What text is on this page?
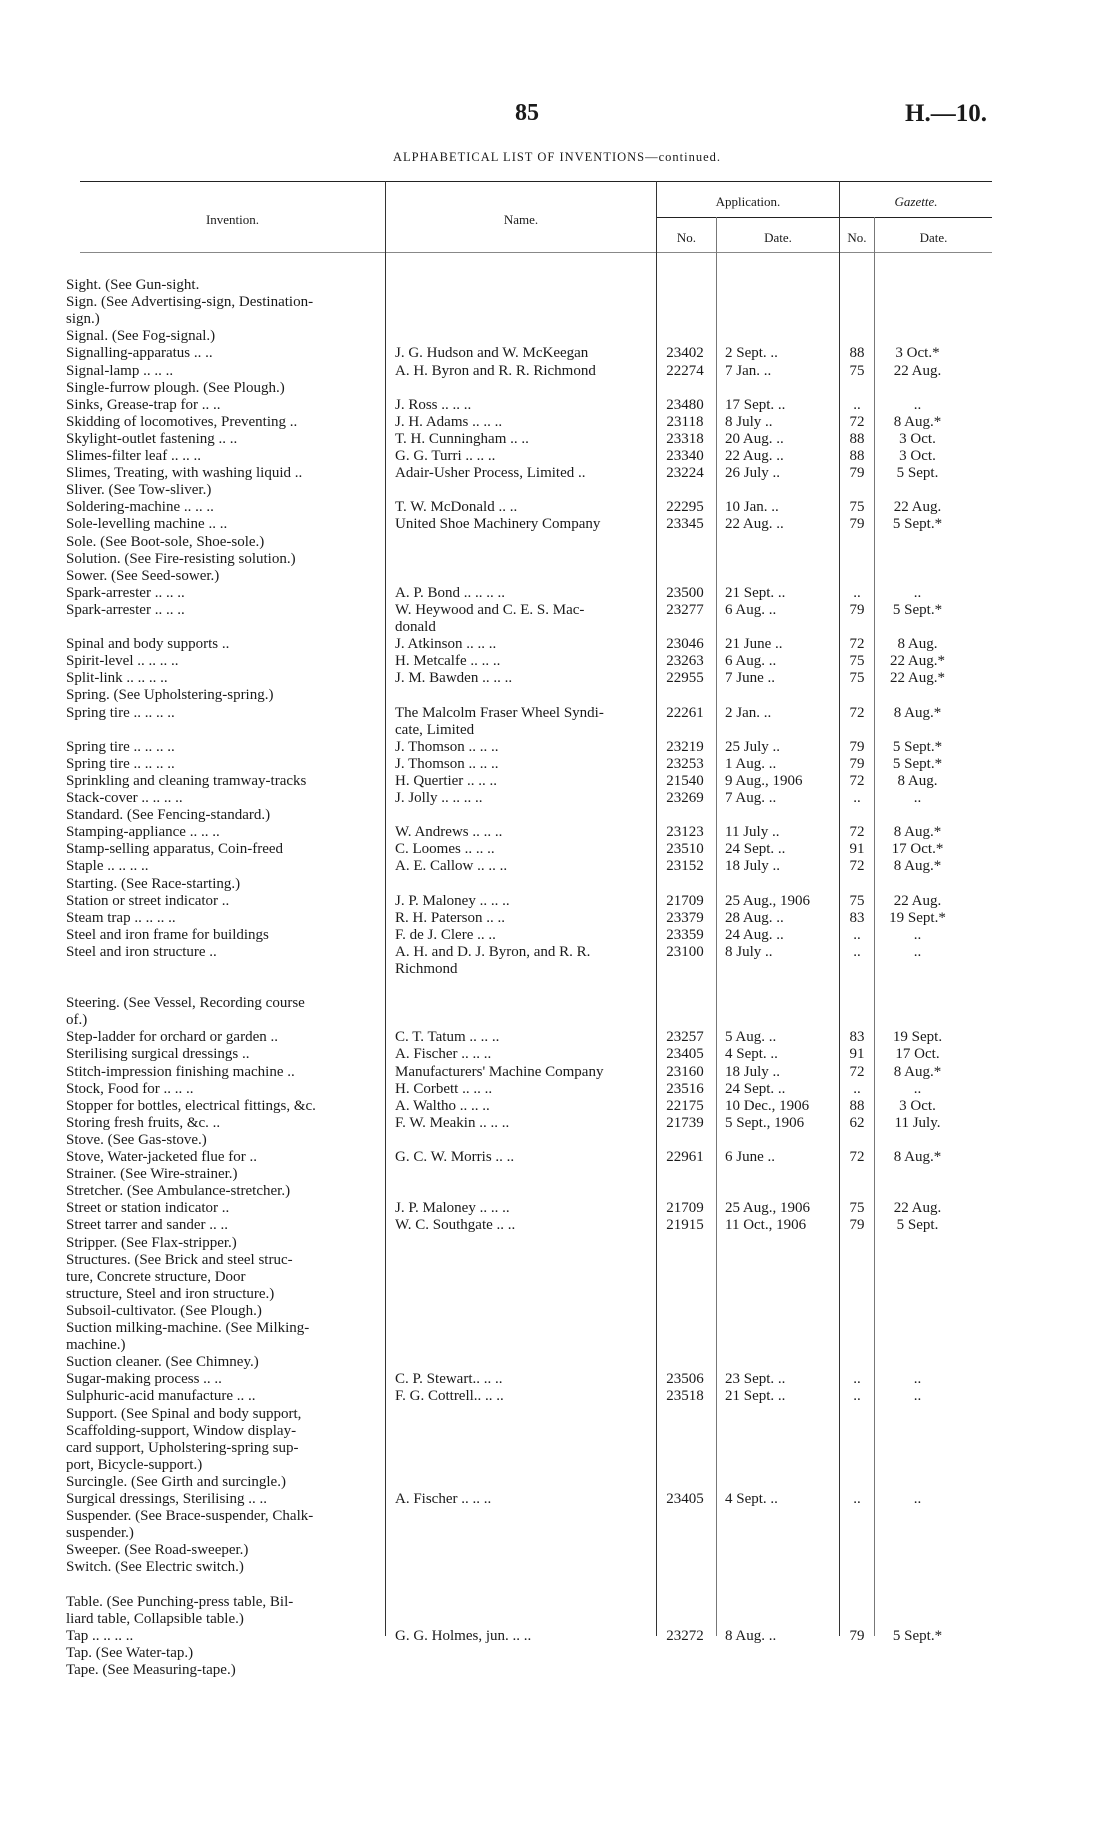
85	H.—10.
ALPHABETICAL LIST OF INVENTIONS—continued.
Invention.	Name.
Application.	Gazette.
No.	Date.	No.	Date.
Sight. (See Gun-sight.
Sign. (See Advertising-sign, Destination-
sign.)
Signal. (See Fog-signal.)
Signalling-apparatus .. ..	J. G. Hudson and W. McKeegan	23402	2 Sept. ..	88	3 Oct.*
Signal-lamp .. .. ..	A. H. Byron and R. R. Richmond	22274	7 Jan. ..	75	22 Aug.
Single-furrow plough. (See Plough.)
Sinks, Grease-trap for .. ..	J. Ross .. .. ..	23480	17 Sept. ..	..	..
Skidding of locomotives, Preventing ..	J. H. Adams .. .. ..	23118	8 July ..	72	8 Aug.*
Skylight-outlet fastening .. ..	T. H. Cunningham .. ..	23318	20 Aug. ..	88	3 Oct.
Slimes-filter leaf .. .. ..	G. G. Turri .. .. ..	23340	22 Aug. ..	88	3 Oct.
Slimes, Treating, with washing liquid ..	Adair-Usher Process, Limited ..	23224	26 July ..	79	5 Sept.
Sliver. (See Tow-sliver.)
Soldering-machine .. .. ..	T. W. McDonald .. ..	22295	10 Jan. ..	75	22 Aug.
Sole-levelling machine .. ..	United Shoe Machinery Company	23345	22 Aug. ..	79	5 Sept.*
Sole. (See Boot-sole, Shoe-sole.)
Solution. (See Fire-resisting solution.)
Sower. (See Seed-sower.)
Spark-arrester .. .. ..	A. P. Bond .. .. .. ..	23500	21 Sept. ..	..	..
Spark-arrester .. .. ..	W. Heywood and C. E. S. Mac-	23277	6 Aug. ..	79	5 Sept.*
donald
Spinal and body supports ..	J. Atkinson .. .. ..	23046	21 June ..	72	8 Aug.
Spirit-level .. .. .. ..	H. Metcalfe .. .. ..	23263	6 Aug. ..	75	22 Aug.*
Split-link .. .. .. ..	J. M. Bawden .. .. ..	22955	7 June ..	75	22 Aug.*
Spring. (See Upholstering-spring.)
Spring tire .. .. .. ..	The Malcolm Fraser Wheel Syndi-	22261	2 Jan. ..	72	8 Aug.*
cate, Limited
Spring tire .. .. .. ..	J. Thomson .. .. ..	23219	25 July ..	79	5 Sept.*
Spring tire .. .. .. ..	J. Thomson .. .. ..	23253	1 Aug. ..	79	5 Sept.*
Sprinkling and cleaning tramway-tracks	H. Quertier .. .. ..	21540	9 Aug., 1906	72	8 Aug.
Stack-cover .. .. .. ..	J. Jolly .. .. .. ..	23269	7 Aug. ..	..	..
Standard. (See Fencing-standard.)
Stamping-appliance .. .. ..	W. Andrews .. .. ..	23123	11 July ..	72	8 Aug.*
Stamp-selling apparatus, Coin-freed	C. Loomes .. .. ..	23510	24 Sept. ..	91	17 Oct.*
Staple .. .. .. ..	A. E. Callow .. .. ..	23152	18 July ..	72	8 Aug.*
Starting. (See Race-starting.)
Station or street indicator ..	J. P. Maloney .. .. ..	21709	25 Aug., 1906	75	22 Aug.
Steam trap .. .. .. ..	R. H. Paterson .. ..	23379	28 Aug. ..	83	19 Sept.*
Steel and iron frame for buildings	F. de J. Clere .. ..	23359	24 Aug. ..	..	..
Steel and iron structure ..	A. H. and D. J. Byron, and R. R.	23100	8 July ..	..	..
Richmond
Steering. (See Vessel, Recording course
of.)
Step-ladder for orchard or garden ..	C. T. Tatum .. .. ..	23257	5 Aug. ..	83	19 Sept.
Sterilising surgical dressings ..	A. Fischer .. .. ..	23405	4 Sept. ..	91	17 Oct.
Stitch-impression finishing machine ..	Manufacturers' Machine Company	23160	18 July ..	72	8 Aug.*
Stock, Food for .. .. ..	H. Corbett .. .. ..	23516	24 Sept. ..	..	..
Stopper for bottles, electrical fittings, &c.	A. Waltho .. .. ..	22175	10 Dec., 1906	88	3 Oct.
Storing fresh fruits, &c. ..	F. W. Meakin .. .. ..	21739	5 Sept., 1906	62	11 July.
Stove. (See Gas-stove.)
Stove, Water-jacketed flue for ..	G. C. W. Morris .. ..	22961	6 June ..	72	8 Aug.*
Strainer. (See Wire-strainer.)
Stretcher. (See Ambulance-stretcher.)
Street or station indicator ..	J. P. Maloney .. .. ..	21709	25 Aug., 1906	75	22 Aug.
Street tarrer and sander .. ..	W. C. Southgate .. ..	21915	11 Oct., 1906	79	5 Sept.
Stripper. (See Flax-stripper.)
Structures. (See Brick and steel struc-
ture, Concrete structure, Door
structure, Steel and iron structure.)
Subsoil-cultivator. (See Plough.)
Suction milking-machine. (See Milking-
machine.)
Suction cleaner. (See Chimney.)
Sugar-making process .. ..	C. P. Stewart.. .. ..	23506	23 Sept. ..	..	..
Sulphuric-acid manufacture .. ..	F. G. Cottrell.. .. ..	23518	21 Sept. ..	..	..
Support. (See Spinal and body support,
Scaffolding-support, Window display-
card support, Upholstering-spring sup-
port, Bicycle-support.)
Surcingle. (See Girth and surcingle.)
Surgical dressings, Sterilising .. ..	A. Fischer .. .. ..	23405	4 Sept. ..	..	..
Suspender. (See Brace-suspender, Chalk-
suspender.)
Sweeper. (See Road-sweeper.)
Switch. (See Electric switch.)
Table. (See Punching-press table, Bil-
liard table, Collapsible table.)
Tap .. .. .. ..	G. G. Holmes, jun. .. ..	23272	8 Aug. ..	79	5 Sept.*
Tap. (See Water-tap.)
Tape. (See Measuring-tape.)
